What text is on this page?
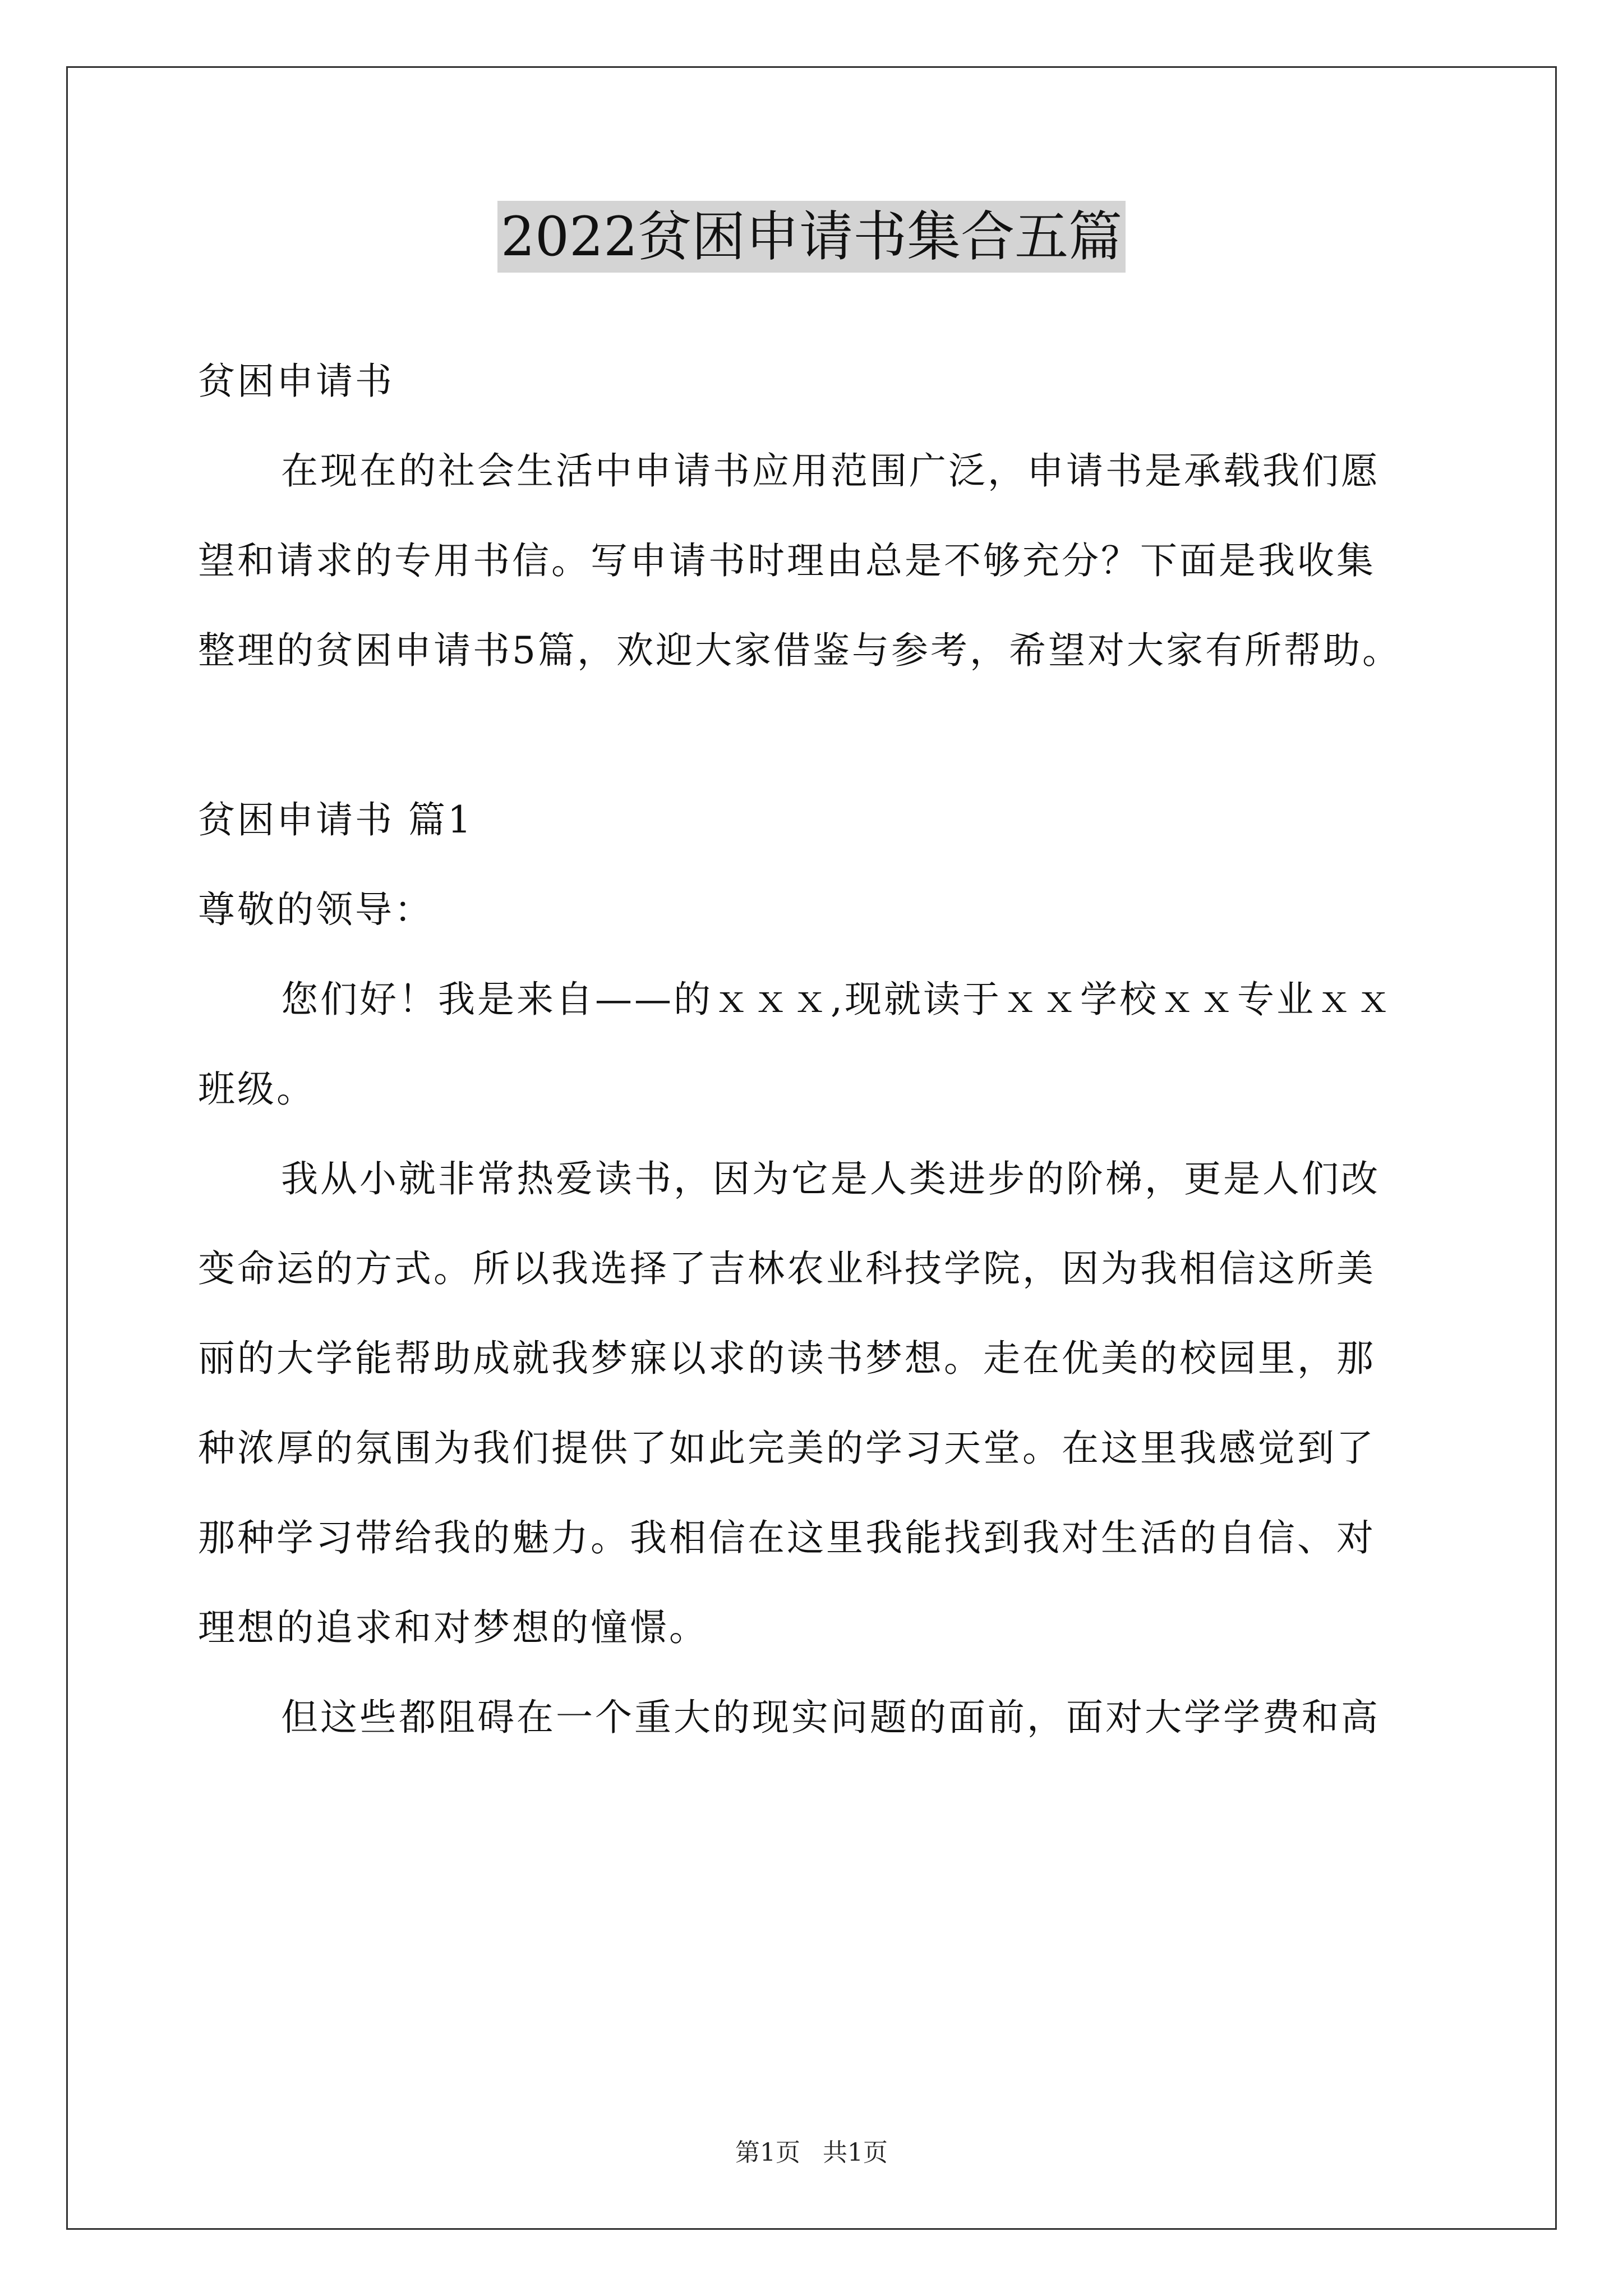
2022贫困申请书集合五篇
贫困申请书
在现在的社会生活中申请书应用范围广泛，申请书是承载我们愿
望和请求的专用书信。写申请书时理由总是不够充分？下面是我收集
整理的贫困申请书5篇，欢迎大家借鉴与参考，希望对大家有所帮助。
贫困申请书 篇1
尊敬的领导：
您们好！我是来自——的ｘｘｘ,现就读于ｘｘ学校ｘｘ专业ｘｘ
班级。
我从小就非常热爱读书，因为它是人类进步的阶梯，更是人们改
变命运的方式。所以我选择了吉林农业科技学院，因为我相信这所美
丽的大学能帮助成就我梦寐以求的读书梦想。走在优美的校园里，那
种浓厚的氛围为我们提供了如此完美的学习天堂。在这里我感觉到了
那种学习带给我的魅力。我相信在这里我能找到我对生活的自信、对
理想的追求和对梦想的憧憬。
但这些都阻碍在一个重大的现实问题的面前，面对大学学费和高
第1页 共1页
